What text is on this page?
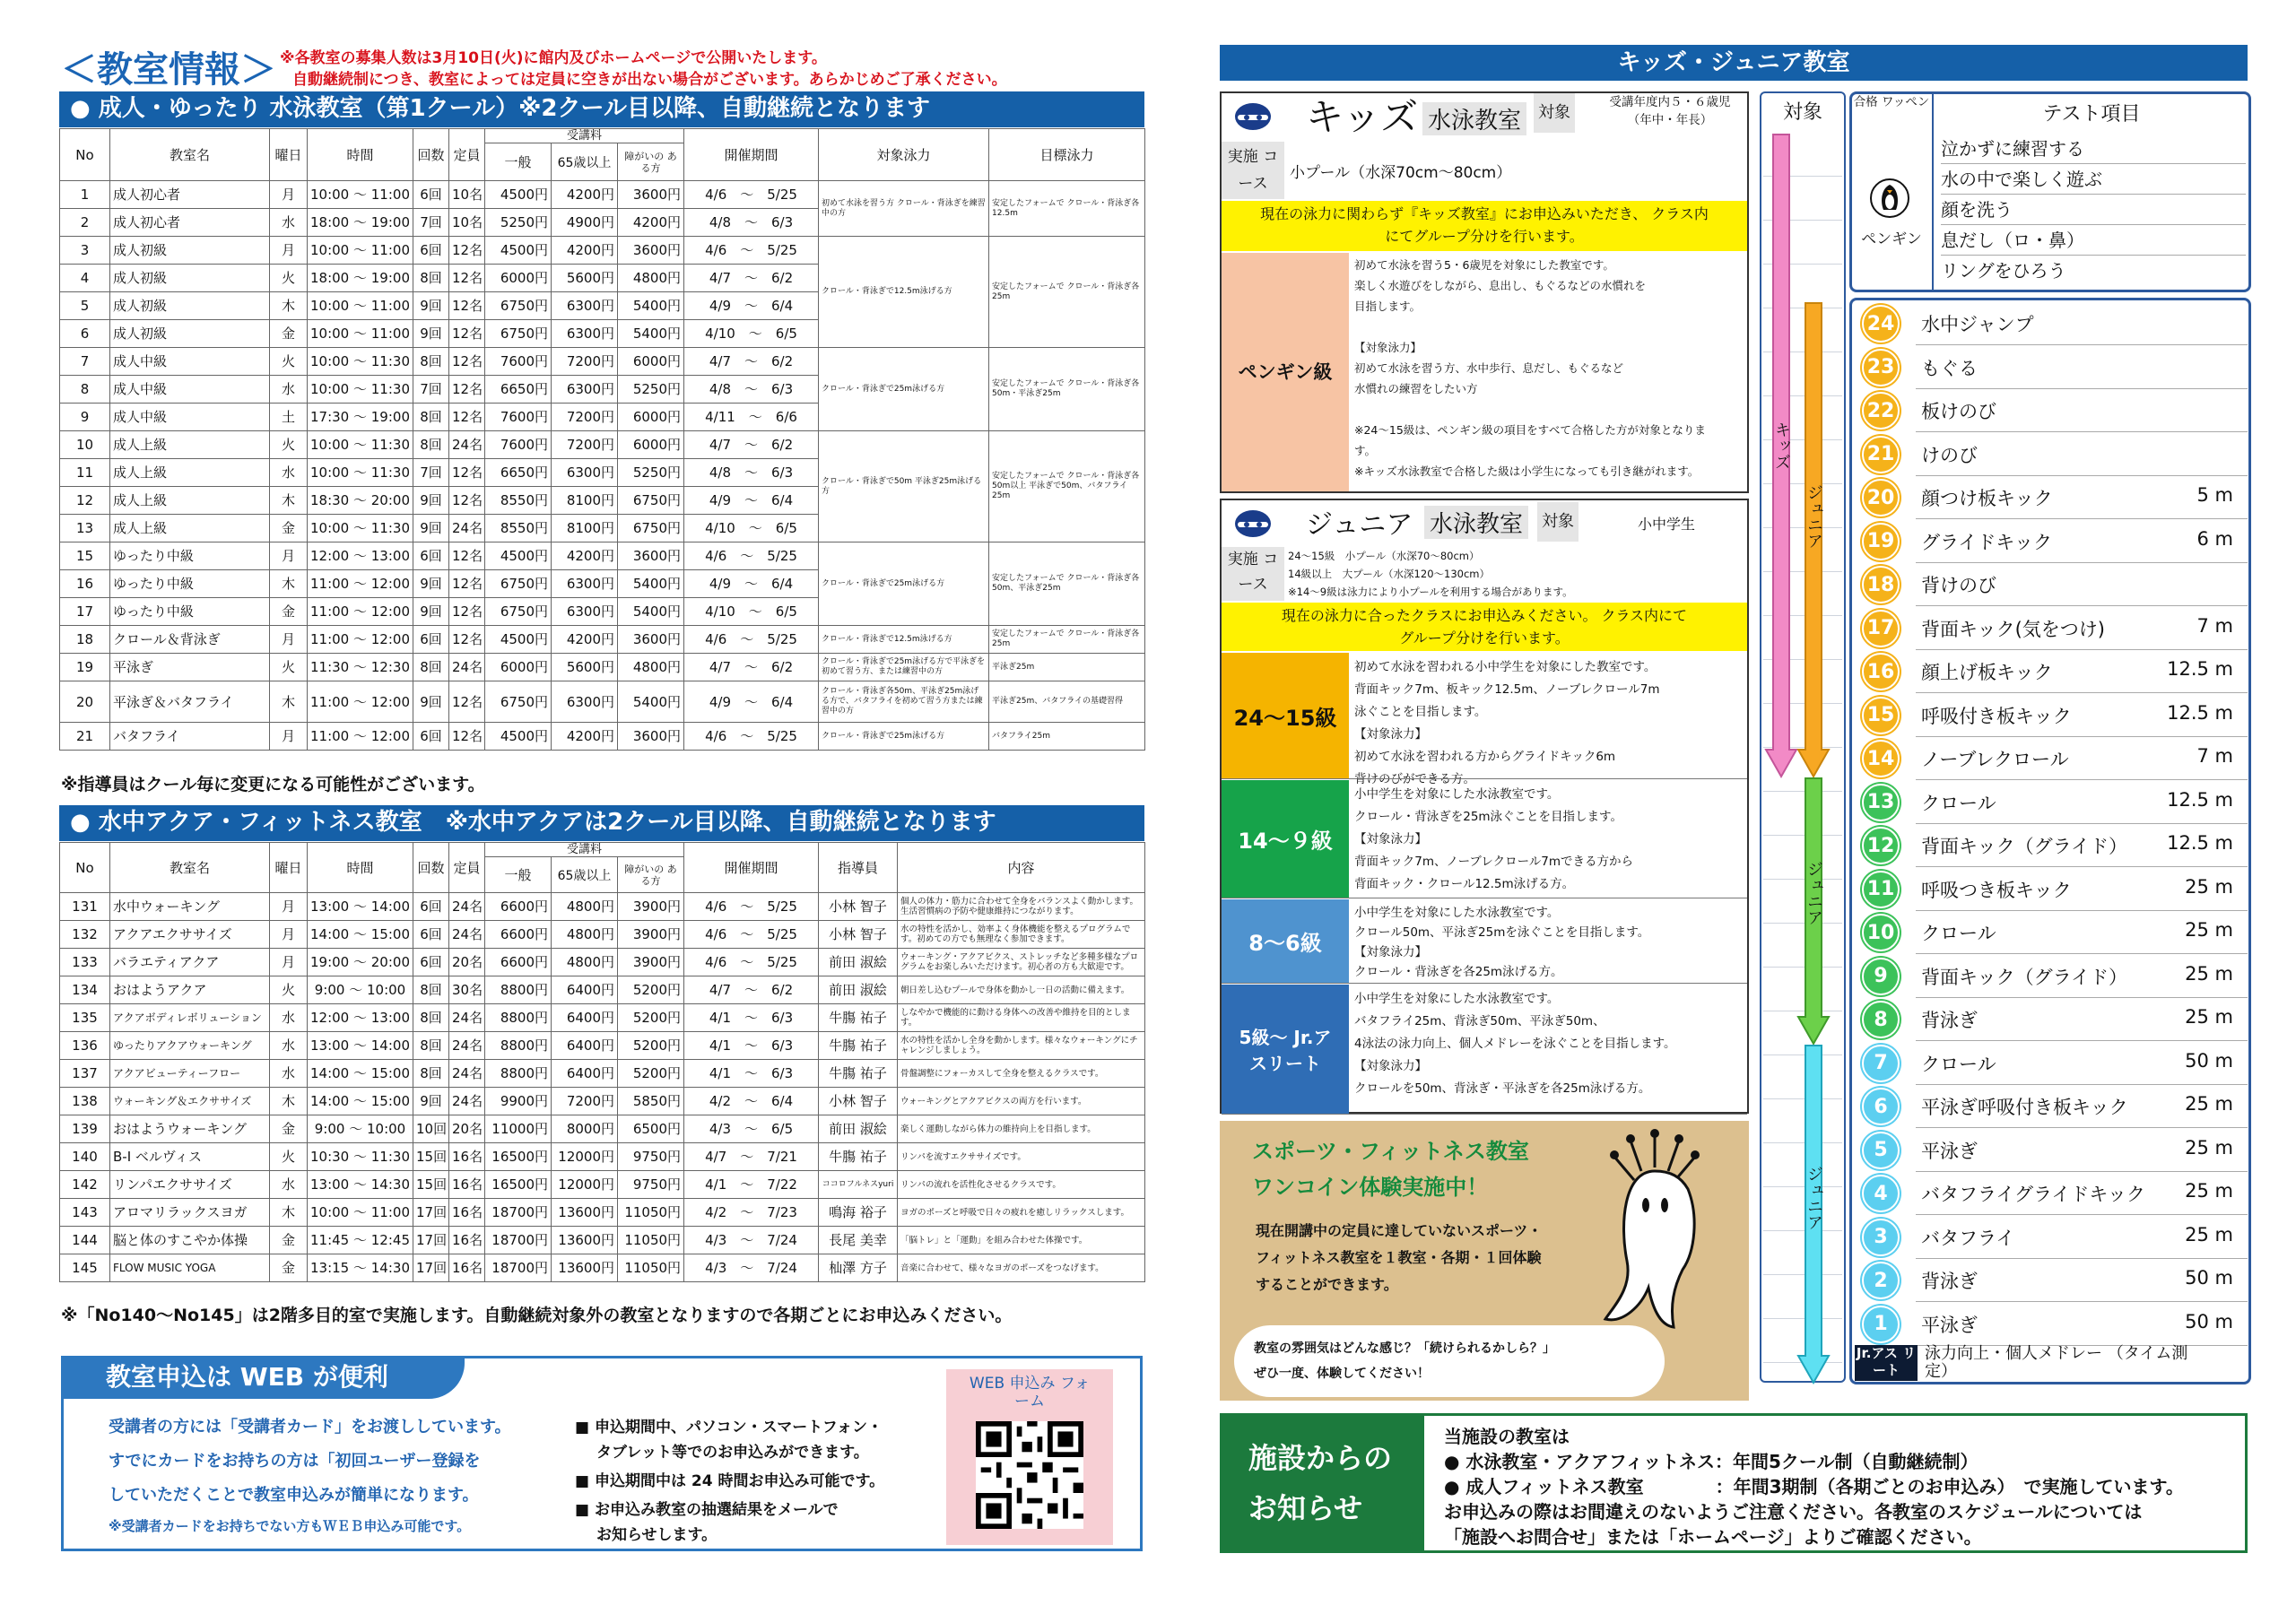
＜教室情報＞ ※各教室の募集人数は3月10日(火)に館内及びホームページで公開いたします。
自動継続制につき、教室によっては定員に空きが出ない場合がございます。あらかじめご了承ください。
● 成人・ゆったり 水泳教室（第1クール）※2クール目以降、自動継続となります
No	教室名	曜日	時間	回数	定員	受講料			開催期間	対象泳力	目標泳力
						一般	65歳以上	障がいの ある方			
1	成人初心者	月	10:00 ～ 11:00	6回	10名	4500円	4200円	3600円	4/6　～　5/25	初めて水泳を習う方 クロール・背泳ぎを練習中の方	安定したフォームで クロール・背泳ぎ各12.5m
2	成人初心者	水	18:00 ～ 19:00	7回	10名	5250円	4900円	4200円	4/8　～　6/3		
3	成人初級	月	10:00 ～ 11:00	6回	12名	4500円	4200円	3600円	4/6　～　5/25	クロール・背泳ぎで12.5m泳げる方	安定したフォームで クロール・背泳ぎ各25m
4	成人初級	火	18:00 ～ 19:00	8回	12名	6000円	5600円	4800円	4/7　～　6/2		
5	成人初級	木	10:00 ～ 11:00	9回	12名	6750円	6300円	5400円	4/9　～　6/4		
6	成人初級	金	10:00 ～ 11:00	9回	12名	6750円	6300円	5400円	4/10　～　6/5		
7	成人中級	火	10:00 ～ 11:30	8回	12名	7600円	7200円	6000円	4/7　～　6/2	クロール・背泳ぎで25m泳げる方	安定したフォームで クロール・背泳ぎ各50m・平泳ぎ25m
8	成人中級	水	10:00 ～ 11:30	7回	12名	6650円	6300円	5250円	4/8　～　6/3		
9	成人中級	土	17:30 ～ 19:00	8回	12名	7600円	7200円	6000円	4/11　～　6/6		
10	成人上級	火	10:00 ～ 11:30	8回	24名	7600円	7200円	6000円	4/7　～　6/2	クロール・背泳ぎで50m 平泳ぎ25m泳げる方	安定したフォームで クロール・背泳ぎ各50m以上 平泳ぎで50m、バタフライ25m
11	成人上級	水	10:00 ～ 11:30	7回	12名	6650円	6300円	5250円	4/8　～　6/3		
12	成人上級	木	18:30 ～ 20:00	9回	12名	8550円	8100円	6750円	4/9　～　6/4		
13	成人上級	金	10:00 ～ 11:30	9回	24名	8550円	8100円	6750円	4/10　～　6/5		
15	ゆったり中級	月	12:00 ～ 13:00	6回	12名	4500円	4200円	3600円	4/6　～　5/25	クロール・背泳ぎで25m泳げる方	安定したフォームで クロール・背泳ぎ各50m、平泳ぎ25m
16	ゆったり中級	木	11:00 ～ 12:00	9回	12名	6750円	6300円	5400円	4/9　～　6/4		
17	ゆったり中級	金	11:00 ～ 12:00	9回	12名	6750円	6300円	5400円	4/10　～　6/5		
18	クロール＆背泳ぎ	月	11:00 ～ 12:00	6回	12名	4500円	4200円	3600円	4/6　～　5/25	クロール・背泳ぎで12.5m泳げる方	安定したフォームで クロール・背泳ぎ各25m
19	平泳ぎ	火	11:30 ～ 12:30	8回	24名	6000円	5600円	4800円	4/7　～　6/2	クロール・背泳ぎで25m泳げる方で平泳ぎを初めて習う方、または練習中の方	平泳ぎ25m
20	平泳ぎ＆バタフライ	木	11:00 ～ 12:00	9回	12名	6750円	6300円	5400円	4/9　～　6/4	クロール・背泳ぎ各50m、平泳ぎ25m泳げる方で、バタフライを初めて習う方または練習中の方	平泳ぎ25m、バタフライの基礎習得
21	バタフライ	月	11:00 ～ 12:00	6回	12名	4500円	4200円	3600円	4/6　～　5/25	クロール・背泳ぎで25m泳げる方	バタフライ25m
※指導員はクール毎に変更になる可能性がございます。
● 水中アクア・フィットネス教室　※水中アクアは2クール目以降、自動継続となります
No	教室名	曜日	時間	回数	定員	受講料			開催期間	指導員	内容
						一般	65歳以上	障がいの ある方			
131	水中ウォーキング	月	13:00 ～ 14:00	6回	24名	6600円	4800円	3900円	4/6　～　5/25	小林 智子	個人の体力・筋力に合わせて全身をバランスよく動かします。生活習慣病の予防や健康維持につながります。
132	アクアエクササイズ	月	14:00 ～ 15:00	6回	24名	6600円	4800円	3900円	4/6　～　5/25	小林 智子	水の特性を活かし、効率よく身体機能を整えるプログラムです。初めての方でも無理なく参加できます。
133	バラエティアクア	月	19:00 ～ 20:00	6回	20名	6600円	4800円	3900円	4/6　～　5/25	前田 淑絵	ウォーキング・アクアビクス、ストレッチなど多種多様なプログラムをお楽しみいただけます。初心者の方も大歓迎です。
134	おはようアクア	火	9:00 ～ 10:00	8回	30名	8800円	6400円	5200円	4/7　～　6/2	前田 淑絵	朝日差し込むプールで身体を動かし一日の活動に備えます。
135	アクアボディレボリューション	水	12:00 ～ 13:00	8回	24名	8800円	6400円	5200円	4/1　～　6/3	牛膓 祐子	しなやかで機能的に動ける身体への改善や維持を目的とします。
136	ゆったりアクアウォーキング	水	13:00 ～ 14:00	8回	24名	8800円	6400円	5200円	4/1　～　6/3	牛膓 祐子	水の特性を活かし全身を動かします。様々なウォーキングにチャレンジしましょう。
137	アクアビューティーフロー	水	14:00 ～ 15:00	8回	24名	8800円	6400円	5200円	4/1　～　6/3	牛膓 祐子	骨盤調整にフォーカスして全身を整えるクラスです。
138	ウォーキング＆エクササイズ	木	14:00 ～ 15:00	9回	24名	9900円	7200円	5850円	4/2　～　6/4	小林 智子	ウォーキングとアクアビクスの両方を行います。
139	おはようウォーキング	金	9:00 ～ 10:00	10回	20名	11000円	8000円	6500円	4/3　～　6/5	前田 淑絵	楽しく運動しながら体力の維持向上を目指します。
140	B-I ベルヴィス	火	10:30 ～ 11:30	15回	16名	16500円	12000円	9750円	4/7　～　7/21	牛膓 祐子	リンパを流すエクササイズです。
142	リンパエクササイズ	水	13:00 ～ 14:30	15回	16名	16500円	12000円	9750円	4/1　～　7/22	ココロフルネスyuri	リンパの流れを活性化させるクラスです。
143	アロマリラックスヨガ	木	10:00 ～ 11:00	17回	16名	18700円	13600円	11050円	4/2　～　7/23	鳴海 裕子	ヨガのポーズと呼吸で日々の疲れを癒しリラックスします。
144	脳と体のすこやか体操	金	11:45 ～ 12:45	17回	16名	18700円	13600円	11050円	4/3　～　7/24	長尾 美幸	「脳トレ」と「運動」を組み合わせた体操です。
145	FLOW MUSIC YOGA	金	13:15 ～ 14:30	17回	16名	18700円	13600円	11050円	4/3　～　7/24	杣澤 方子	音楽に合わせて、様々なヨガのポーズをつなげます。
※「No140～No145」は2階多目的室で実施します。自動継続対象外の教室となりますので各期ごとにお申込みください。
教室申込は WEB が便利
受講者の方には「受講者カード」をお渡ししています。
すでにカードをお持ちの方は「初回ユーザー登録を
していただくことで教室申込みが簡単になります。
※受講者カードをお持ちでない方もＷＥＢ申込み可能です。
■ 申込期間中、パソコン・スマートフォン・
タブレット等でのお申込みができます。
■ 申込期間中は 24 時間お申込み可能です。
■ お申込み教室の抽選結果をメールで
お知らせします。
WEB 申込み フォーム
キッズ・ジュニア教室
キッズ 水泳教室	対象
受講年度内５・６歳児 （年中・年長）
実施 コース
小プール（水深70cm〜80cm）
現在の泳力に関わらず『キッズ教室』にお申込みいただき、 クラス内にてグループ分けを行います。
ペンギン級
初めて水泳を習う5・6歳児を対象にした教室です。
楽しく水遊びをしながら、息出し、もぐるなどの水慣れを
目指します。

【対象泳力】
初めて水泳を習う方、水中歩行、息だし、もぐるなど
水慣れの練習をしたい方

※24〜15級は、ペンギン級の項目をすべて合格した方が対象となりま
す。
※キッズ水泳教室で合格した級は小学生になっても引き継がれます。
ジュニア 水泳教室	対象	小中学生
実施 コース
24〜15級　小プール（水深70〜80cm）
14級以上　大プール（水深120〜130cm）
※14〜9級は泳力により小プールを利用する場合があります。
現在の泳力に合ったクラスにお申込みください。 クラス内にてグループ分けを行います。
24〜15級
初めて水泳を習われる小中学生を対象にした教室です。
背面キック7m、板キック12.5m、ノーブレクロール7m
泳ぐことを目指します。
【対象泳力】
初めて水泳を習われる方からグライドキック6m
背けのびができる方。
14〜９級
小中学生を対象にした水泳教室です。
クロール・背泳ぎを25m泳ぐことを目指します。
【対象泳力】
背面キック7m、ノーブレクロール7mできる方から
背面キック・クロール12.5m泳げる方。
8〜6級
小中学生を対象にした水泳教室です。
クロール50m、平泳ぎ25mを泳ぐことを目指します。
【対象泳力】
クロール・背泳ぎを各25m泳げる方。
5級〜 Jr.アスリート
小中学生を対象にした水泳教室です。
バタフライ25m、背泳ぎ50m、平泳ぎ50m、
4泳法の泳力向上、個人メドレーを泳ぐことを目指します。
【対象泳力】
クロールを50m、背泳ぎ・平泳ぎを各25m泳げる方。
スポーツ・フィットネス教室
ワンコイン体験実施中！
現在開講中の定員に達していないスポーツ・
フィットネス教室を１教室・各期・１回体験
することができます。
教室の雰囲気はどんな感じ？「続けられるかしら？」
ぜひ一度、体験してください！
対象
キッズ
ジュニア
ジュニア
ジュニア
合格 ワッペン
テスト項目
ペンギン
泣かずに練習する
水の中で楽しく遊ぶ
顔を洗う
息だし（ロ・鼻）
リングをひろう
24 水中ジャンプ
23 もぐる
22 板けのび
21 けのび
20 顔つけ板キック	5 m
19 グライドキック	6 m
18 背けのび
17 背面キック(気をつけ)	7 m
16 顔上げ板キック	12.5 m
15 呼吸付き板キック	12.5 m
14 ノーブレクロール	7 m
13 クロール	12.5 m
12 背面キック（グライド） 12.5 m
11 呼吸つき板キック	25 m
10 クロール	25 m
9	背面キック（グライド）	25 m
8	背泳ぎ	25 m
7	クロール	50 m
6	平泳ぎ呼吸付き板キック	25 m
5	平泳ぎ	25 m
4	バタフライグライドキック 25 m
3	バタフライ	25 m
2	背泳ぎ	50 m
1	平泳ぎ	50 m
Jr.アス リート
泳力向上・個人メドレー （タイム測定）
施設からの お知らせ
当施設の教室は
● 水泳教室・アクアフィットネス：年間5クール制（自動継続制）
● 成人フィットネス教室　　　　：年間3期制（各期ごとのお申込み）　で実施しています。
お申込みの際はお間違えのないようご注意ください。各教室のスケジュールについては
「施設へお問合せ」または「ホームページ」よりご確認ください。
